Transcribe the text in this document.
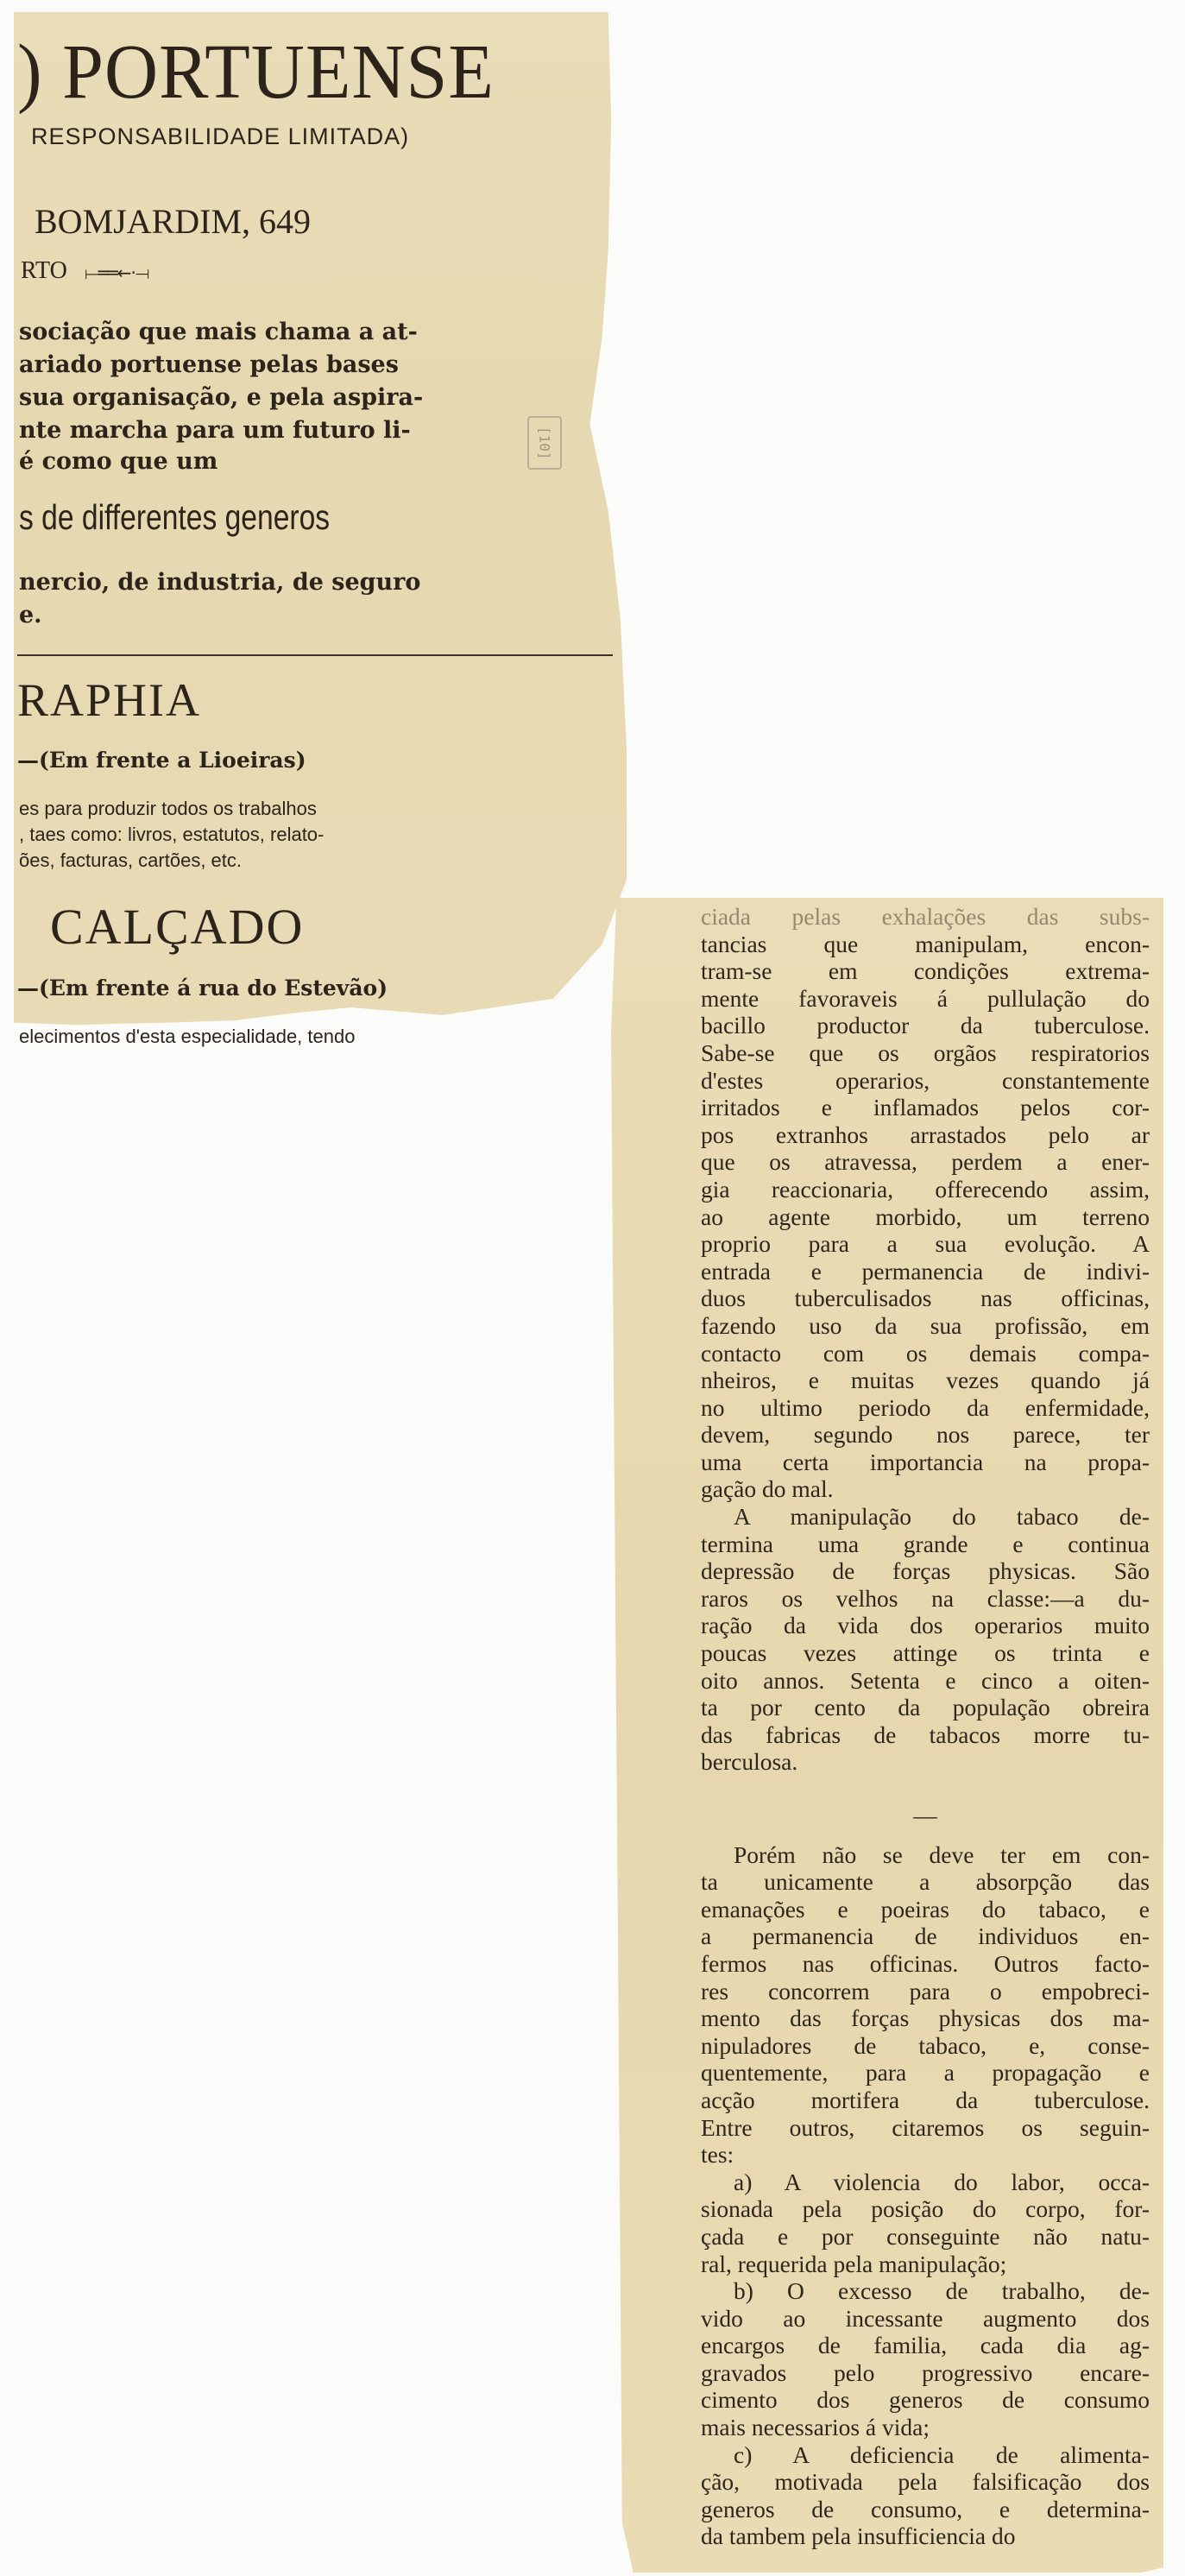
) PORTUENSE
RESPONSABILIDADE LIMITADA)
BOMJARDIM, 649
RTO ⟝══←·⟞
sociação que mais chama a at-
ariado portuense pelas bases
sua organisação, e pela aspira-
nte marcha para um futuro li-
é como que um
[10]
s de differentes generos
nercio, de industria, de seguro
e.
RAPHIA
—(Em frente a Lioeiras)
es para produzir todos os trabalhos
, taes como: livros, estatutos, relato-
ões, facturas, cartões, etc.
CALÇADO
—(Em frente á rua do Estevão)
elecimentos d'esta especialidade, tendo
ciada pelas exhalações das subs-
tancias que manipulam, encon-
tram-se em condições extrema-
mente favoraveis á pullulação do
bacillo productor da tuberculose.
Sabe-se que os orgãos respiratorios
d'estes operarios, constantemente
irritados e inflamados pelos cor-
pos extranhos arrastados pelo ar
que os atravessa, perdem a ener-
gia reaccionaria, offerecendo assim,
ao agente morbido, um terreno
proprio para a sua evolução. A
entrada e permanencia de indivi-
duos tuberculisados nas officinas,
fazendo uso da sua profissão, em
contacto com os demais compa-
nheiros, e muitas vezes quando já
no ultimo periodo da enfermidade,
devem, segundo nos parece, ter
uma certa importancia na propa-
gação do mal.
A manipulação do tabaco de-
termina uma grande e continua
depressão de forças physicas. São
raros os velhos na classe:—a du-
ração da vida dos operarios muito
poucas vezes attinge os trinta e
oito annos. Setenta e cinco a oiten-
ta por cento da população obreira
das fabricas de tabacos morre tu-
berculosa.
—
Porém não se deve ter em con-
ta unicamente a absorpção das
emanações e poeiras do tabaco, e
a permanencia de individuos en-
fermos nas officinas. Outros facto-
res concorrem para o empobreci-
mento das forças physicas dos ma-
nipuladores de tabaco, e, conse-
quentemente, para a propagação e
acção mortifera da tuberculose.
Entre outros, citaremos os seguin-
tes:
a) A violencia do labor, occa-
sionada pela posição do corpo, for-
çada e por conseguinte não natu-
ral, requerida pela manipulação;
b) O excesso de trabalho, de-
vido ao incessante augmento dos
encargos de familia, cada dia ag-
gravados pelo progressivo encare-
cimento dos generos de consumo
mais necessarios á vida;
c) A deficiencia de alimenta-
ção, motivada pela falsificação dos
generos de consumo, e determina-
da tambem pela insufficiencia do
